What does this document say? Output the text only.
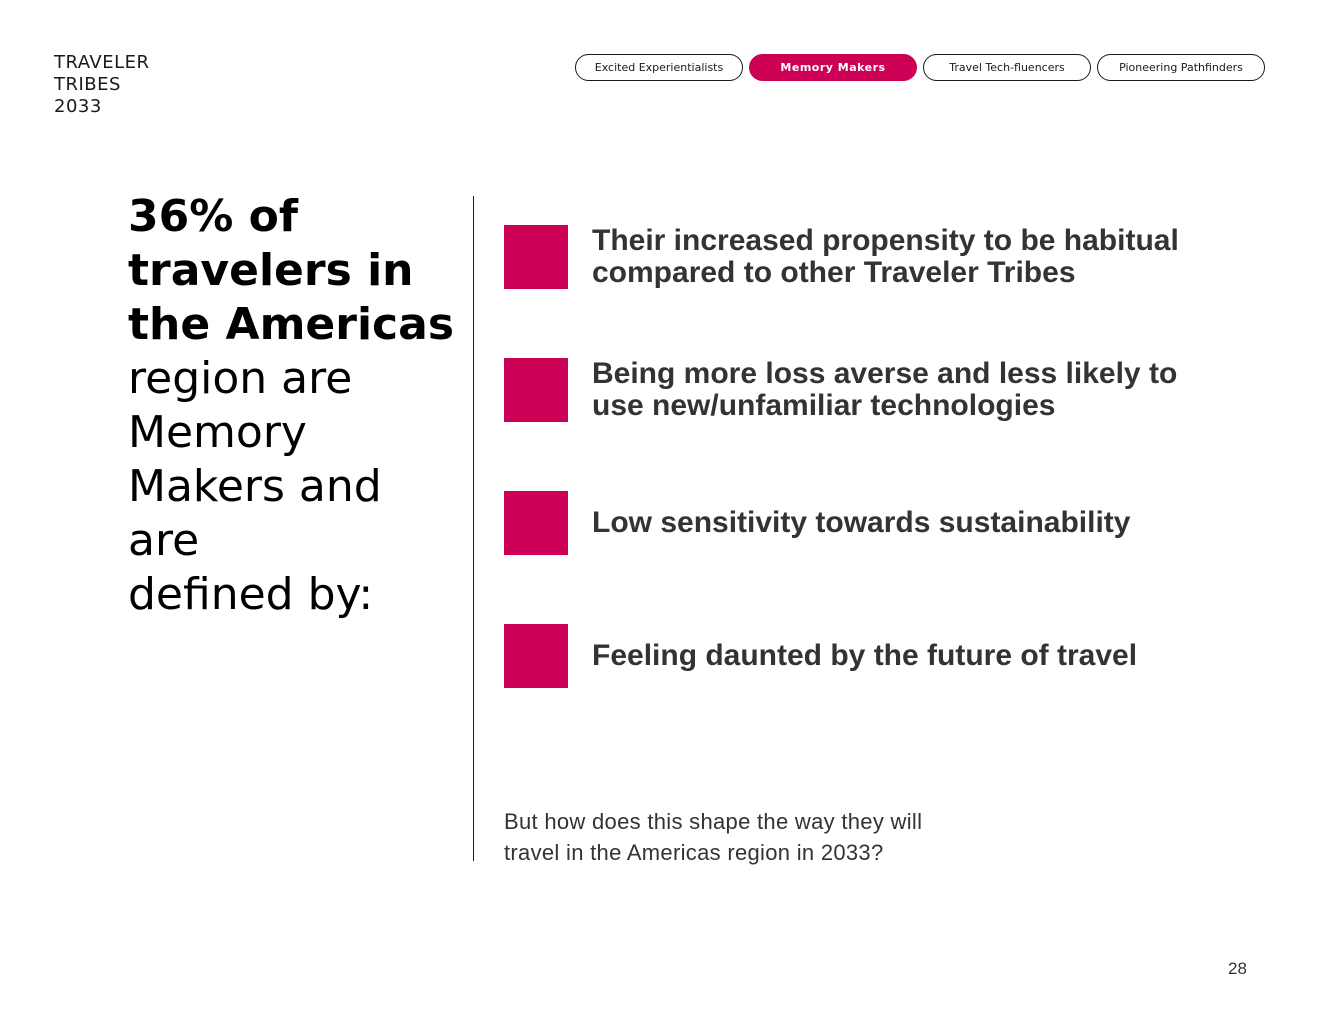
TRAVELER
TRIBES
2033
Excited Experientialists	Memory Makers	Travel Tech-fluencers	Pioneering Pathfinders
36% of
travelers in
the Americas
region are
Memory
Makers and are
defined by:
Their increased propensity to be habitual
compared to other Traveler Tribes
Being more loss averse and less likely to
use new/unfamiliar technologies
Low sensitivity towards sustainability
Feeling daunted by the future of travel
But how does this shape the way they will
travel in the Americas region in 2033?
28
